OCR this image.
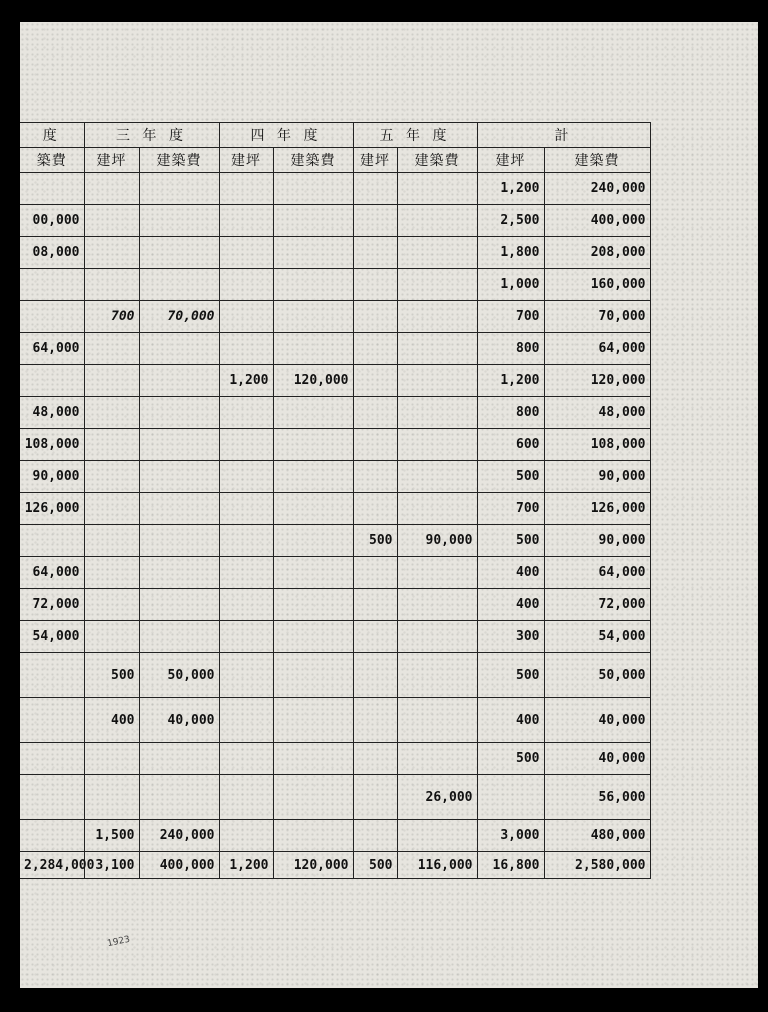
度	三 年 度		四 年 度		五 年 度		計	
築費	建坪	建築費	建坪	建築費	建坪	建築費	建坪	建築費
							1,200	240,000
00,000							2,500	400,000
08,000							1,800	208,000
							1,000	160,000
	700	70,000					700	70,000
64,000							800	64,000
			1,200	120,000			1,200	120,000
48,000							800	48,000
108,000							600	108,000
90,000							500	90,000
126,000							700	126,000
					500	90,000	500	90,000
64,000							400	64,000
72,000							400	72,000
54,000							300	54,000
	500	50,000					500	50,000
	400	40,000					400	40,000
							500	40,000
						26,000		56,000
	1,500	240,000					3,000	480,000
2,284,000	3,100	400,000	1,200	120,000	500	116,000	16,800	2,580,000
1923
